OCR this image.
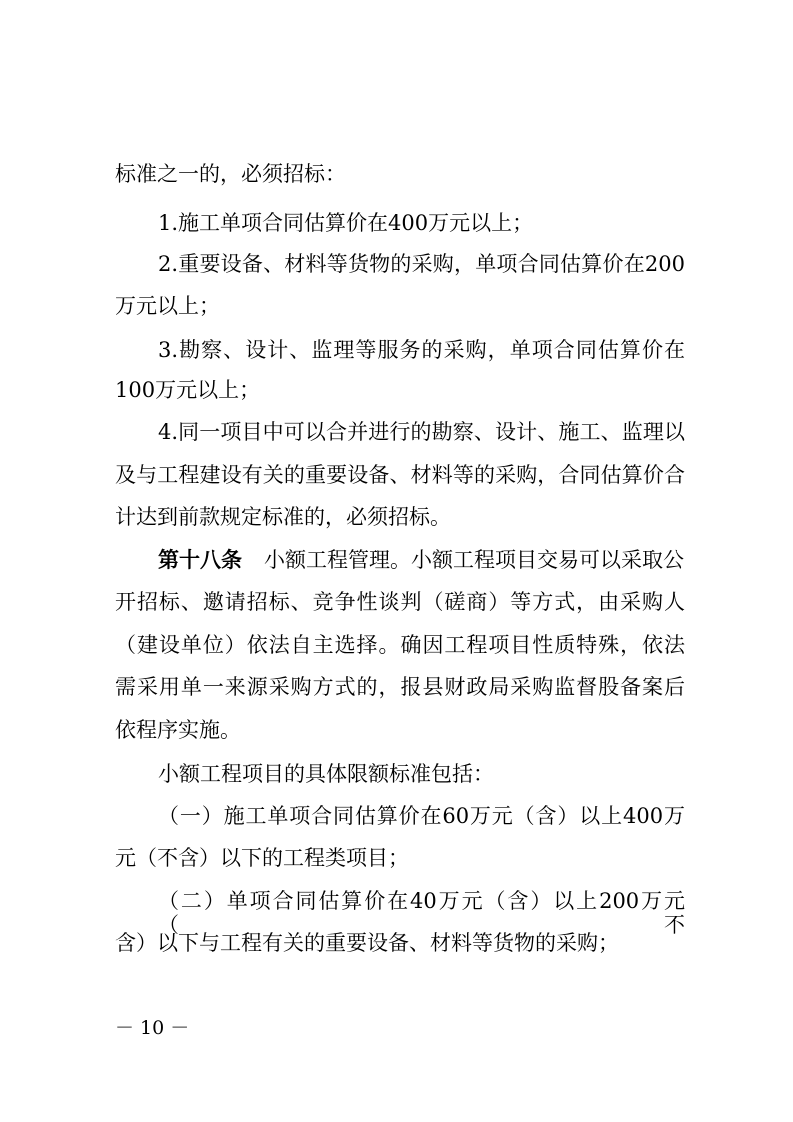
标准之一的，必须招标：
1.施工单项合同估算价在400万元以上；
2.重要设备、材料等货物的采购，单项合同估算价在200
万元以上；
3.勘察、设计、监理等服务的采购，单项合同估算价在
100万元以上；
4.同一项目中可以合并进行的勘察、设计、施工、监理以
及与工程建设有关的重要设备、材料等的采购，合同估算价合
计达到前款规定标准的，必须招标。
第十八条 小额工程管理。小额工程项目交易可以采取公
开招标、邀请招标、竞争性谈判（磋商）等方式，由采购人
（建设单位）依法自主选择。确因工程项目性质特殊，依法
需采用单一来源采购方式的，报县财政局采购监督股备案后
依程序实施。
小额工程项目的具体限额标准包括：
（一）施工单项合同估算价在60万元（含）以上400万
元（不含）以下的工程类项目；
（二）单项合同估算价在40万元（含）以上200万元（不
含）以下与工程有关的重要设备、材料等货物的采购；
－ 10 －
